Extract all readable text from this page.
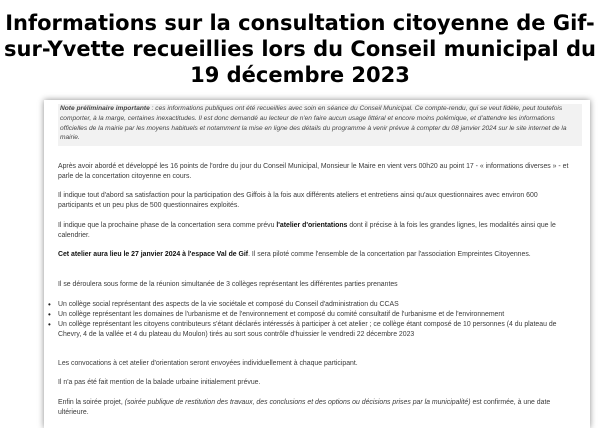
Informations sur la consultation citoyenne de Gif-sur-Yvette recueillies lors du Conseil municipal du 19 décembre 2023
Note préliminaire importante : ces informations publiques ont été recueillies avec soin en séance du Conseil Municipal. Ce compte-rendu, qui se veut fidèle, peut toutefois comporter, à la marge, certaines inexactitudes. Il est donc demandé au lecteur de n'en faire aucun usage littéral et encore moins polémique, et d'attendre les informations officielles de la mairie par les moyens habituels et notamment la mise en ligne des détails du programme à venir prévue à compter du 08 janvier 2024 sur le site internet de la mairie.
Après avoir abordé et développé les 16 points de l'ordre du jour du Conseil Municipal, Monsieur le Maire en vient vers 00h20 au point 17 - « informations diverses » - et parle de la concertation citoyenne en cours.
Il indique tout d'abord sa satisfaction pour la participation des Giffois à la fois aux différents ateliers et entretiens ainsi qu'aux questionnaires avec environ 600 participants et un peu plus de 500 questionnaires exploités.
Il indique que la prochaine phase de la concertation sera comme prévu l'atelier d'orientations dont il précise à la fois les grandes lignes, les modalités ainsi que le calendrier.
Cet atelier aura lieu le 27 janvier 2024 à l'espace Val de Gif. Il sera piloté comme l'ensemble de la concertation par l'association Empreintes Citoyennes.
Il se déroulera sous forme de la réunion simultanée de 3 collèges représentant les différentes parties prenantes
• Un collège social représentant des aspects de la vie sociétale et composé du Conseil d'administration du CCAS
• Un collège représentant les domaines de l'urbanisme et de l'environnement et composé du comité consultatif de l'urbanisme et de l'environnement
• Un collège représentant les citoyens contributeurs s'étant déclarés intéressés à participer à cet atelier ; ce collège étant composé de 10 personnes (4 du plateau de Chevry, 4 de la vallée et 4 du plateau du Moulon) tirés au sort sous contrôle d'huissier le vendredi 22 décembre 2023
Les convocations à cet atelier d'orientation seront envoyées individuellement à chaque participant.
Il n'a pas été fait mention de la balade urbaine initialement prévue.
Enfin la soirée projet, (soirée publique de restitution des travaux, des conclusions et des options ou décisions prises par la municipalité) est confirmée, à une date ultérieure.
